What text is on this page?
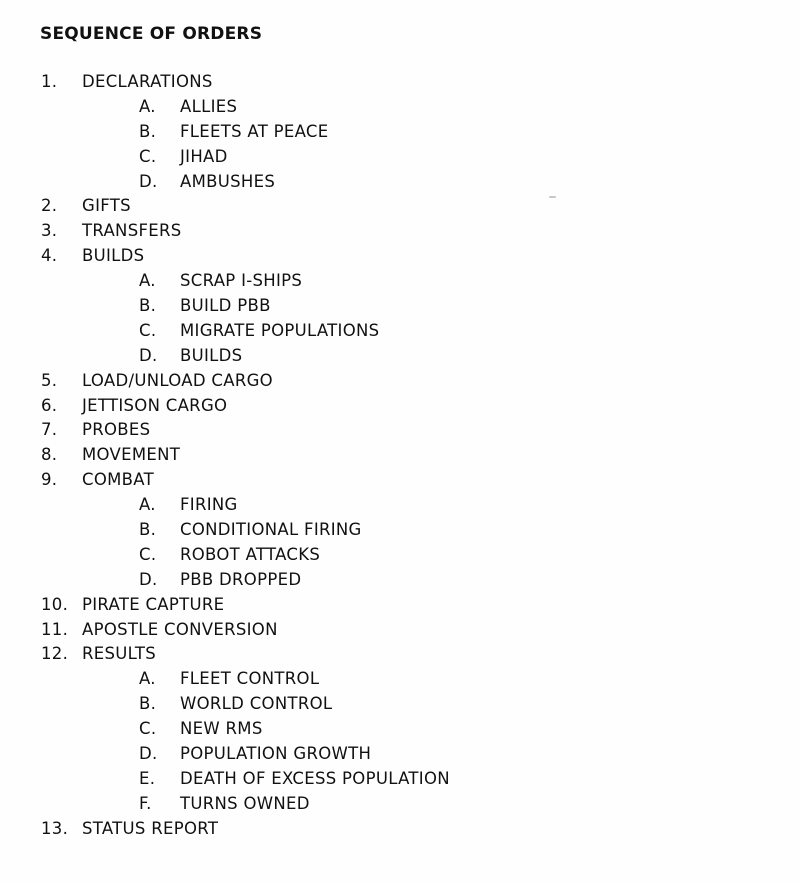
SEQUENCE OF ORDERS
1. DECLARATIONS
A. ALLIES
B. FLEETS AT PEACE
C. JIHAD
D. AMBUSHES
2. GIFTS
3. TRANSFERS
4. BUILDS
A. SCRAP I-SHIPS
B. BUILD PBB
C. MIGRATE POPULATIONS
D. BUILDS
5. LOAD/UNLOAD CARGO
6. JETTISON CARGO
7. PROBES
8. MOVEMENT
9. COMBAT
A. FIRING
B. CONDITIONAL FIRING
C. ROBOT ATTACKS
D. PBB DROPPED
10. PIRATE CAPTURE
11. APOSTLE CONVERSION
12. RESULTS
A. FLEET CONTROL
B. WORLD CONTROL
C. NEW RMS
D. POPULATION GROWTH
E. DEATH OF EXCESS POPULATION
F. TURNS OWNED
13. STATUS REPORT
